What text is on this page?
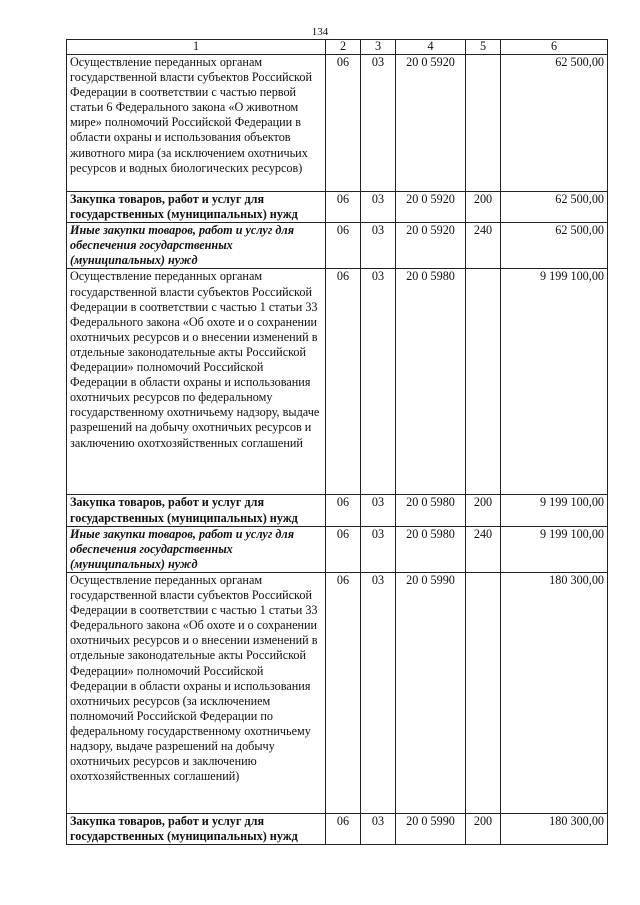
134
1	2	3	4	5	6
Осуществление переданных органам государственной власти субъектов Российской Федерации в соответствии с частью первой статьи 6 Федерального закона «О животном мире» полномочий Российской Федерации в области охраны и использования объектов животного мира (за исключением охотничьих ресурсов и водных биологических ресурсов)	06	03	20 0 5920		62 500,00
Закупка товаров, работ и услуг для государственных (муниципальных) нужд	06	03	20 0 5920	200	62 500,00
Иные закупки товаров, работ и услуг для обеспечения государственных (муниципальных) нужд	06	03	20 0 5920	240	62 500,00
Осуществление переданных органам государственной власти субъектов Российской Федерации в соответствии с частью 1 статьи 33 Федерального закона «Об охоте и о сохранении охотничьих ресурсов и о внесении изменений в отдельные законодательные акты Российской Федерации» полномочий Российской Федерации в области охраны и использования охотничьих ресурсов по федеральному государственному охотничьему надзору, выдаче разрешений на добычу охотничьих ресурсов и заключению охотхозяйственных соглашений	06	03	20 0 5980		9 199 100,00
Закупка товаров, работ и услуг для государственных (муниципальных) нужд	06	03	20 0 5980	200	9 199 100,00
Иные закупки товаров, работ и услуг для обеспечения государственных (муниципальных) нужд	06	03	20 0 5980	240	9 199 100,00
Осуществление переданных органам государственной власти субъектов Российской Федерации в соответствии с частью 1 статьи 33 Федерального закона «Об охоте и о сохранении охотничьих ресурсов и о внесении изменений в отдельные законодательные акты Российской Федерации» полномочий Российской Федерации в области охраны и использования охотничьих ресурсов (за исключением полномочий Российской Федерации по федеральному государственному охотничьему надзору, выдаче разрешений на добычу охотничьих ресурсов и заключению охотхозяйственных соглашений)	06	03	20 0 5990		180 300,00
Закупка товаров, работ и услуг для государственных (муниципальных) нужд	06	03	20 0 5990	200	180 300,00
